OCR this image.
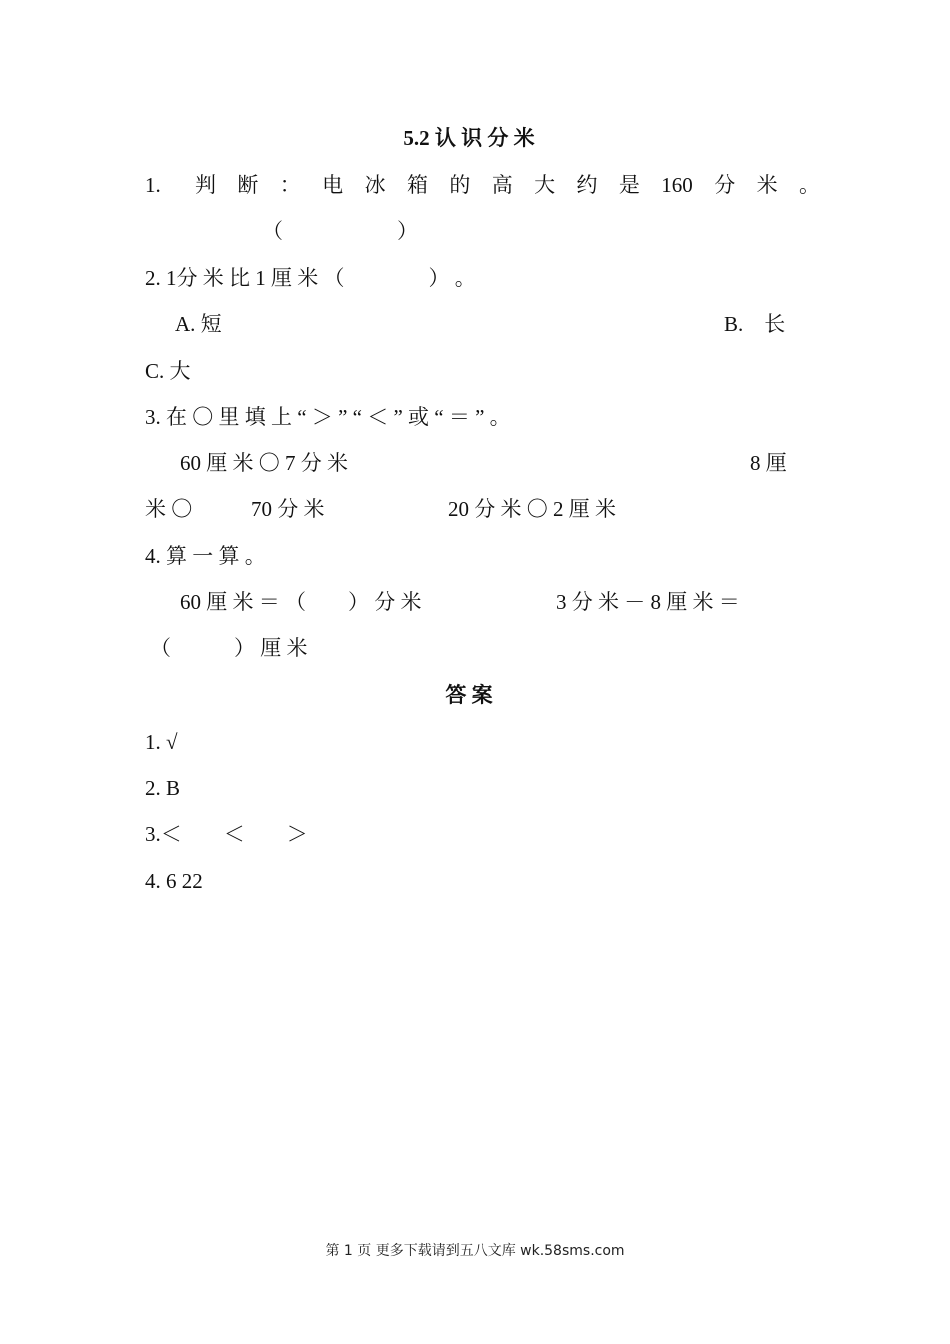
5.2 认 识 分 米
1. 判 断 ： 电 冰 箱 的 高 大 约 是 160 分 米 。
（	）
2. 1分 米 比 1 厘 米 （　　　　） 。
A. 短	B.　长
C. 大
3. 在 〇 里 填 上 “ ＞ ” “ ＜ ” 或 “ ＝ ” 。
60 厘 米 〇 7 分 米	8 厘
米 〇	70 分 米	20 分 米 〇 2 厘 米
4. 算 一 算 。
60 厘 米 ＝ （　　） 分 米	3 分 米 － 8 厘 米 ＝
（　　　） 厘 米
答 案
1. √
2. B
3.＜　　＜　　＞
4. 6 22
第 1 页 更多下载请到五八文库 wk.58sms.com
